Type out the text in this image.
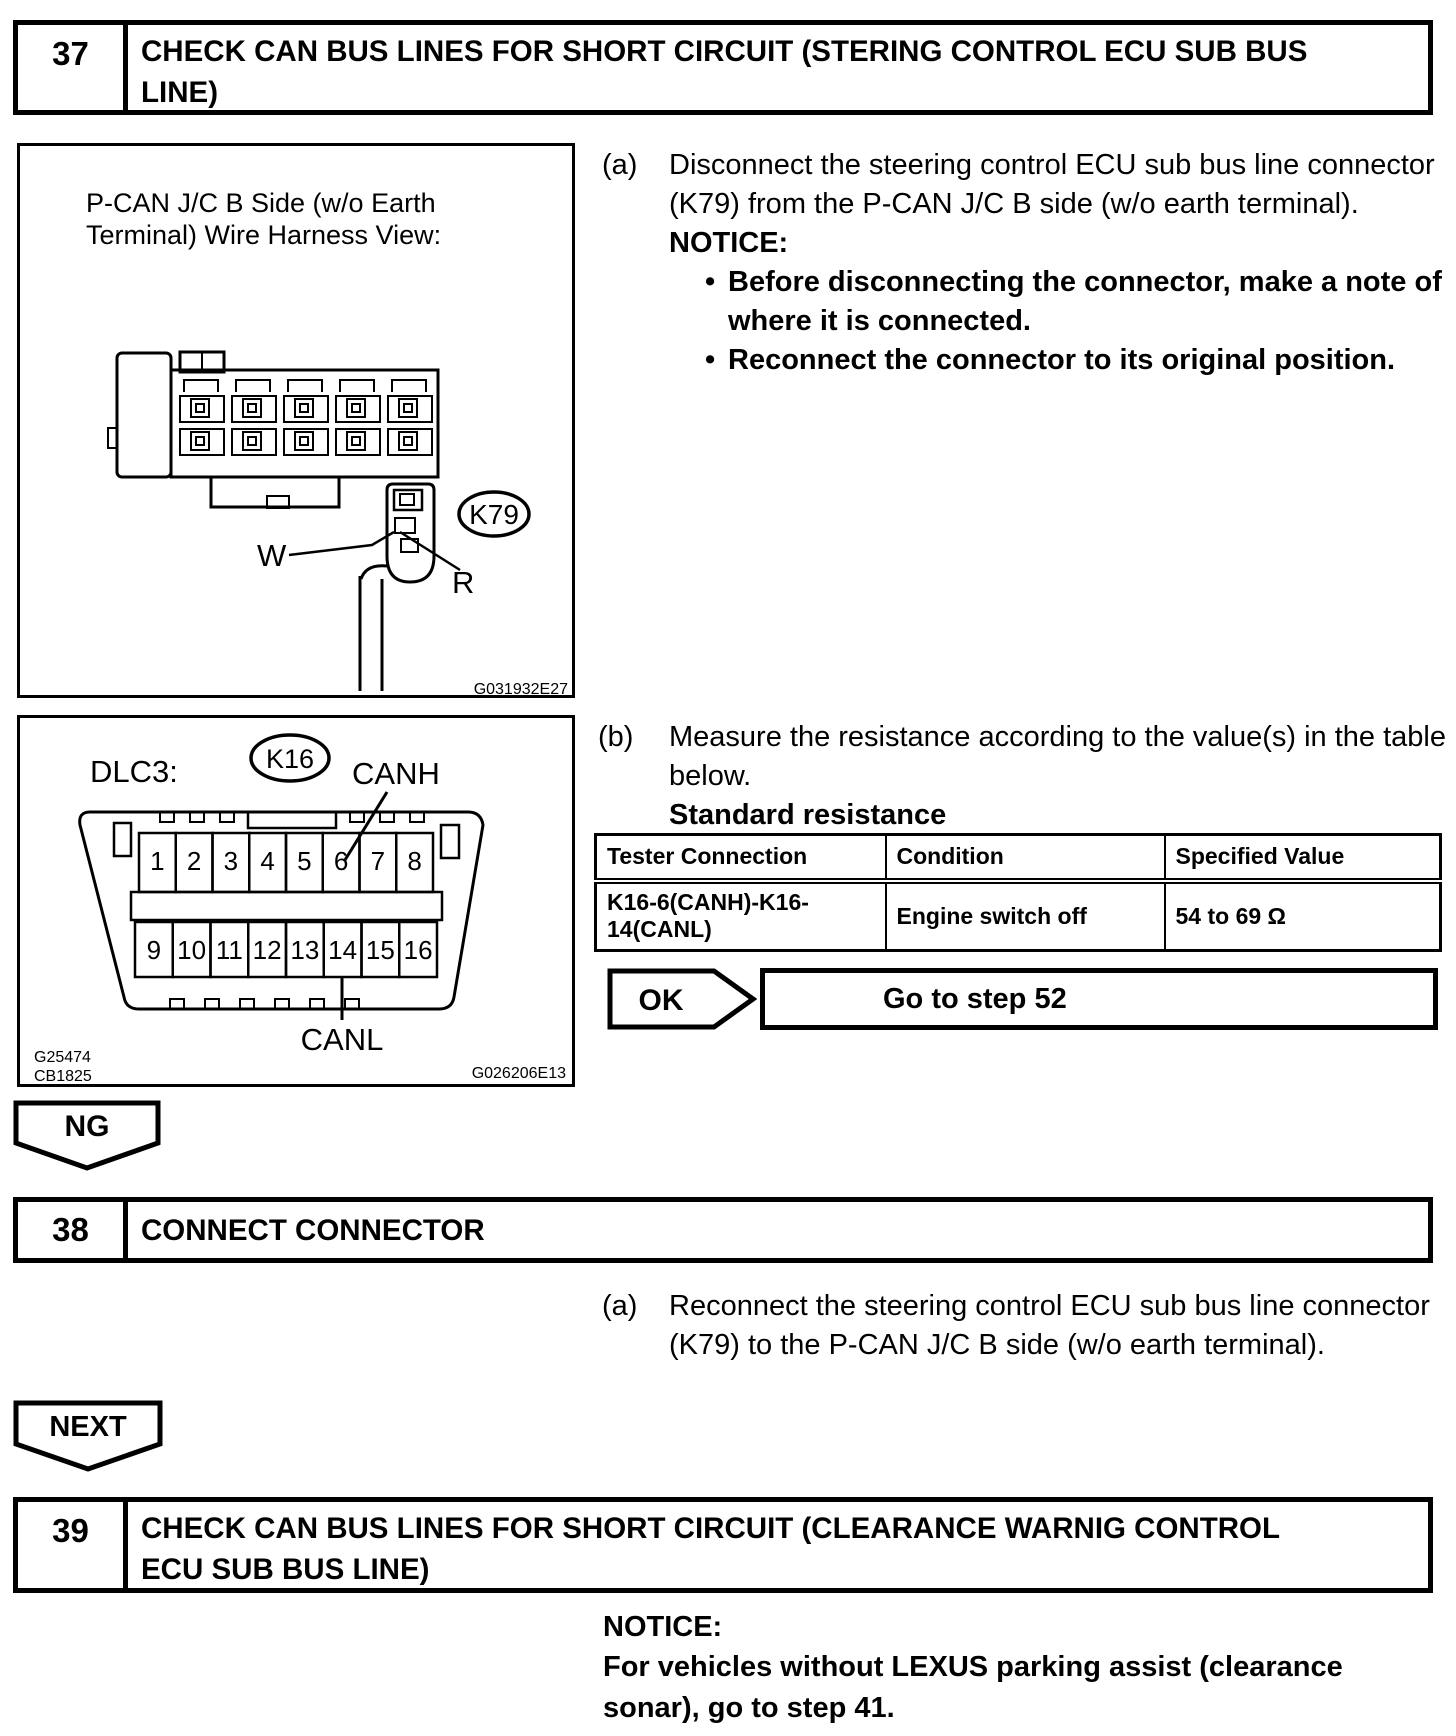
37	CHECK CAN BUS LINES FOR SHORT CIRCUIT (STERING CONTROL ECU SUB BUS LINE)
P-CAN J/C B Side (w/o Earth
Terminal) Wire Harness View:
K79
W
R
G031932E27
(a)	Disconnect the steering control ECU sub bus line connector (K79) from the P-CAN J/C B side (w/o earth terminal).
NOTICE:
• Before disconnecting the connector, make a note of where it is connected.
• Reconnect the connector to its original position.
DLC3:	K16 CANH
1 2 3 4 5 6 7 8
9 10 11 12 13 14 15 16
CANL
G25474
CB1825	G026206E13
(b)	Measure the resistance according to the value(s) in the table below.
Standard resistance
Tester Connection	Condition	Specified Value
K16-6(CANH)-K16-14(CANL)	Engine switch off	54 to 69 Ω
OK	Go to step 52
NG
38	CONNECT CONNECTOR
(a)	Reconnect the steering control ECU sub bus line connector (K79) to the P-CAN J/C B side (w/o earth terminal).
NEXT
39	CHECK CAN BUS LINES FOR SHORT CIRCUIT (CLEARANCE WARNIG CONTROL ECU SUB BUS LINE)
NOTICE:
For vehicles without LEXUS parking assist (clearance sonar), go to step 41.
